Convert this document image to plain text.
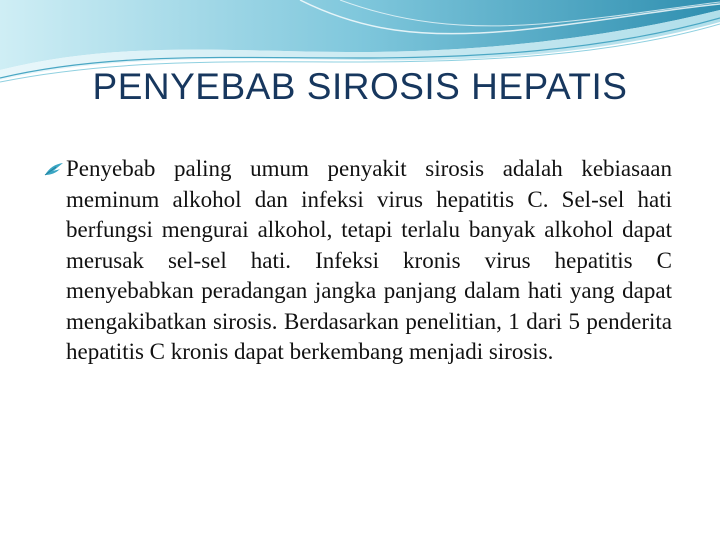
PENYEBAB SIROSIS HEPATIS

Penyebab paling umum penyakit sirosis adalah kebiasaan meminum alkohol dan infeksi virus hepatitis C. Sel-sel hati berfungsi mengurai alkohol, tetapi terlalu banyak alkohol dapat merusak sel-sel hati. Infeksi kronis virus hepatitis C menyebabkan peradangan jangka panjang dalam hati yang dapat mengakibatkan sirosis. Berdasarkan penelitian, 1 dari 5 penderita hepatitis C kronis dapat berkembang menjadi sirosis.
